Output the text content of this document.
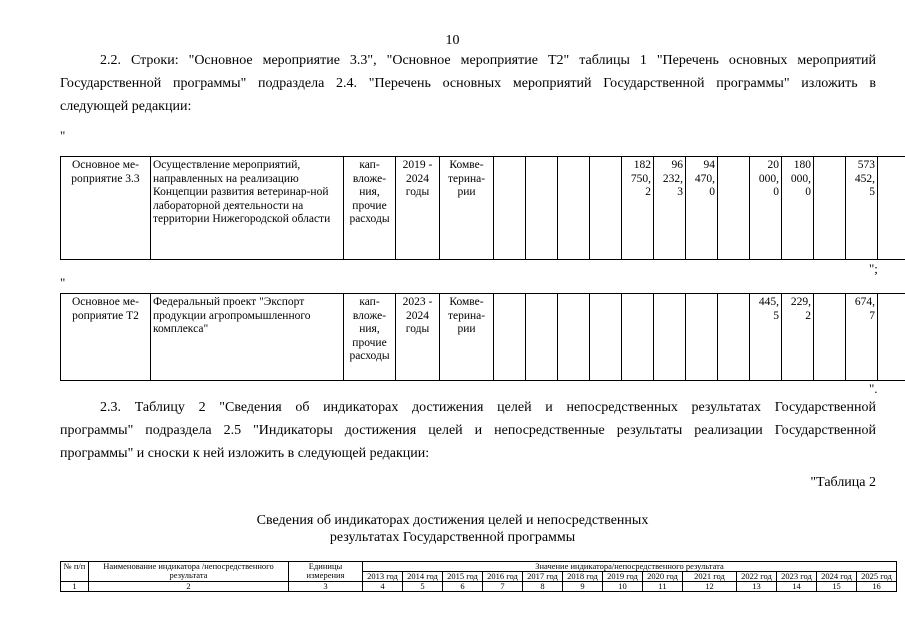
10
2.2. Строки: "Основное мероприятие 3.3", "Основное мероприятие Т2" таблицы 1 "Перечень основных мероприятий
Государственной программы" подраздела 2.4. "Перечень основных мероприятий Государственной программы" изложить в
следующей редакции:
"
Основное ме-роприятие 3.3	Осуществление мероприятий, направленных на реализацию Концепции развития ветеринар-ной лабораторной деятельности на территории Нижегородской области	кап-вложе-ния, прочие расходы	2019 - 2024 годы	Комве-терина-рии					182 750, 2	96 232, 3	94 470, 0		20 000, 0	180 000, 0		573 452, 5	
";
"
Основное ме-роприятие Т2	Федеральный проект "Экспорт продукции агропромышленного комплекса"	кап-вложе-ния, прочие расходы	2023 - 2024 годы	Комве-терина-рии									445, 5	229, 2		674, 7	
".
2.3. Таблицу 2 "Сведения об индикаторах достижения целей и непосредственных результатах Государственной
программы" подраздела 2.5 "Индикаторы достижения целей и непосредственные результаты реализации Государственной
программы" и сноски к ней изложить в следующей редакции:
"Таблица 2
Сведения об индикаторах достижения целей и непосредственных
результатах Государственной программы
№ п/п	Наименование индикатора /непосредственного результата	Единицы измерения	Значение индикатора/непосредственного результата												
			2013 год	2014 год	2015 год	2016 год	2017 год	2018 год	2019 год	2020 год	2021 год	2022 год	2023 год	2024 год	2025 год
1	2	3	4	5	6	7	8	9	10	11	12	13	14	15	16
